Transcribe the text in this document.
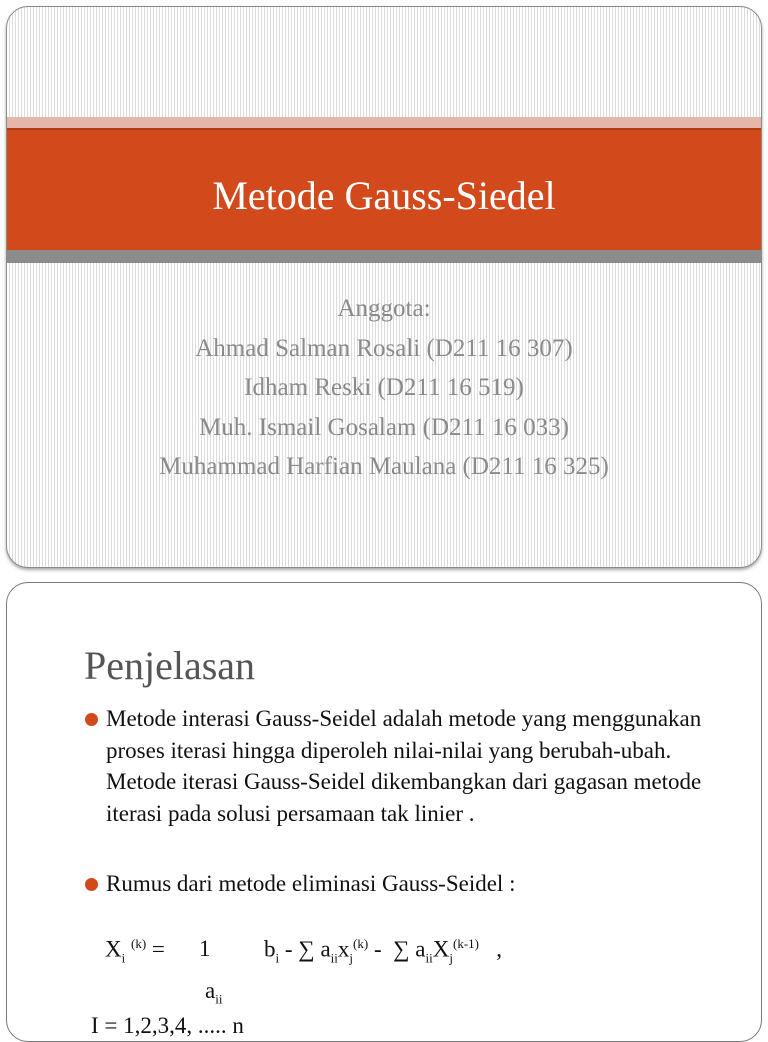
Metode Gauss-Siedel
Anggota:
Ahmad Salman Rosali (D211 16 307)
Idham Reski (D211 16 519)
Muh. Ismail Gosalam (D211 16 033)
Muhammad Harfian Maulana (D211 16 325)
Penjelasan
Metode interasi Gauss-Seidel adalah metode yang menggunakan proses iterasi hingga diperoleh nilai-nilai yang berubah-ubah. Metode iterasi Gauss-Seidel dikembangkan dari gagasan metode iterasi pada solusi persamaan tak linier .
Rumus dari metode eliminasi Gauss-Seidel :
$X_i$ $^{(k)}$ = 1 $b_i$ - ∑ $a_{ii}x_j^{(k)}$ - ∑ $a_{ii}X_j^{(k-1)}$ ,
$a_{ii}$
I = 1,2,3,4, ..... n
